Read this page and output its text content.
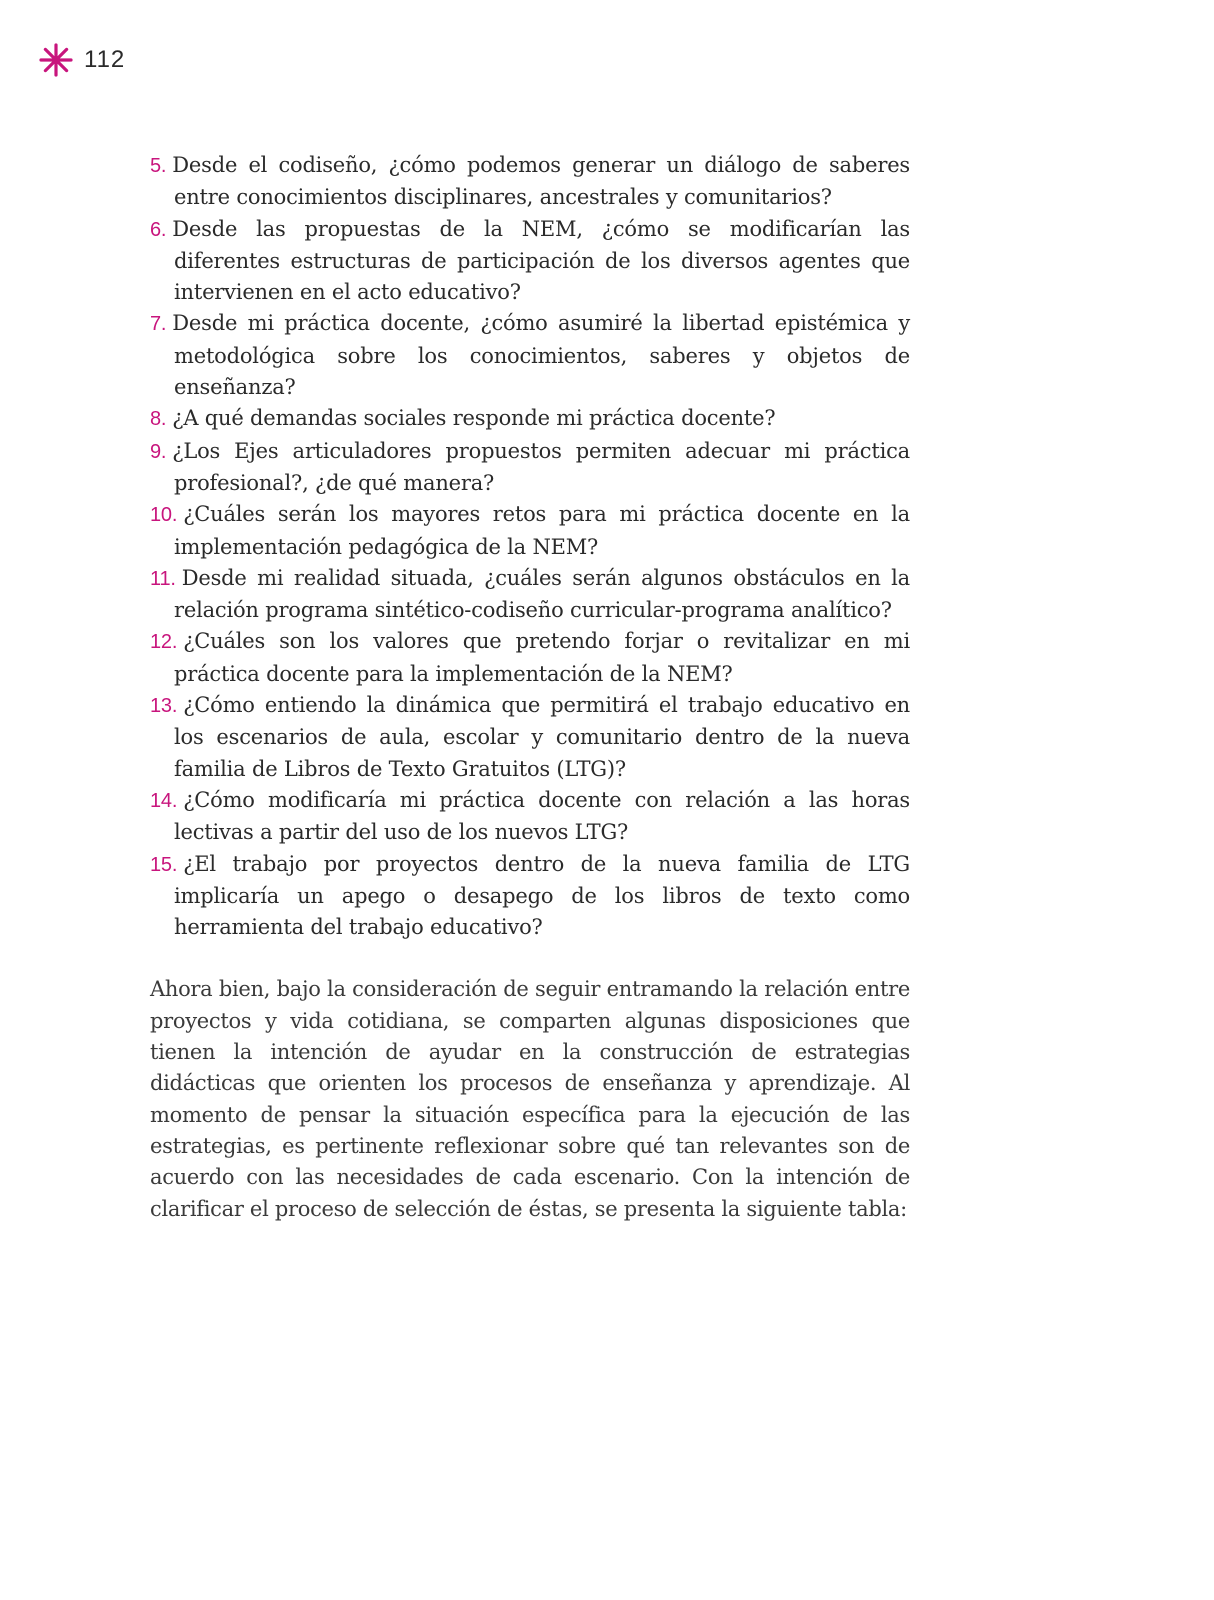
112
5. Desde el codiseño, ¿cómo podemos generar un diálogo de saberes entre conocimientos disciplinares, ancestrales y comunitarios?
6. Desde las propuestas de la NEM, ¿cómo se modificarían las diferentes estructuras de participación de los diversos agentes que intervienen en el acto educativo?
7. Desde mi práctica docente, ¿cómo asumiré la libertad epistémica y metodológica sobre los conocimientos, saberes y objetos de enseñanza?
8. ¿A qué demandas sociales responde mi práctica docente?
9. ¿Los Ejes articuladores propuestos permiten adecuar mi práctica profesional?, ¿de qué manera?
10. ¿Cuáles serán los mayores retos para mi práctica docente en la implementación pedagógica de la NEM?
11. Desde mi realidad situada, ¿cuáles serán algunos obstáculos en la relación programa sintético-codiseño curricular-programa analítico?
12. ¿Cuáles son los valores que pretendo forjar o revitalizar en mi práctica docente para la implementación de la NEM?
13. ¿Cómo entiendo la dinámica que permitirá el trabajo educativo en los escenarios de aula, escolar y comunitario dentro de la nueva familia de Libros de Texto Gratuitos (LTG)?
14. ¿Cómo modificaría mi práctica docente con relación a las horas lectivas a partir del uso de los nuevos LTG?
15. ¿El trabajo por proyectos dentro de la nueva familia de LTG implicaría un apego o desapego de los libros de texto como herramienta del trabajo educativo?

Ahora bien, bajo la consideración de seguir entramando la relación entre proyectos y vida cotidiana, se comparten algunas disposiciones que tienen la intención de ayudar en la construcción de estrategias didácticas que orienten los procesos de enseñanza y aprendizaje. Al momento de pensar la situación específica para la ejecución de las estrategias, es pertinente reflexionar sobre qué tan relevantes son de acuerdo con las necesidades de cada escenario. Con la intención de clarificar el proceso de selección de éstas, se presenta la siguiente tabla:
